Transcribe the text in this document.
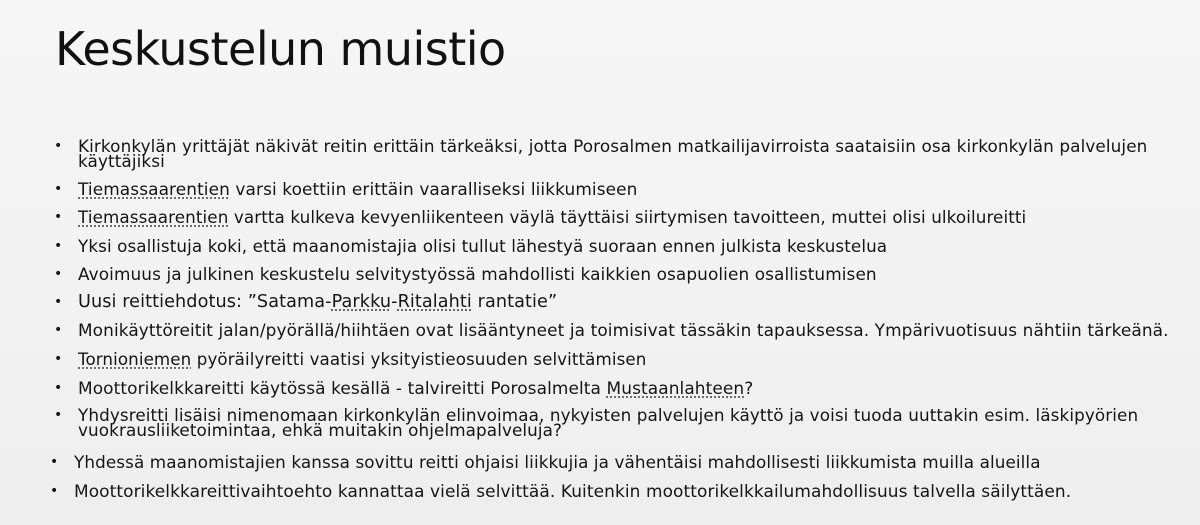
Keskustelun muistio
• Kirkonkylän yrittäjät näkivät reitin erittäin tärkeäksi, jotta Porosalmen matkailijavirroista saataisiin osa kirkonkylän palvelujen
käyttäjiksi
• Tiemassaarentien varsi koettiin erittäin vaaralliseksi liikkumiseen
• Tiemassaarentien vartta kulkeva kevyenliikenteen väylä täyttäisi siirtymisen tavoitteen, muttei olisi ulkoilureitti
• Yksi osallistuja koki, että maanomistajia olisi tullut lähestyä suoraan ennen julkista keskustelua
• Avoimuus ja julkinen keskustelu selvitystyössä mahdollisti kaikkien osapuolien osallistumisen
• Uusi reittiehdotus: ”Satama-Parkku-Ritalahti rantatie”
• Monikäyttöreitit jalan/pyörällä/hiihtäen ovat lisääntyneet ja toimisivat tässäkin tapauksessa. Ympärivuotisuus nähtiin tärkeänä.
• Tornioniemen pyöräilyreitti vaatisi yksityistieosuuden selvittämisen
• Moottorikelkkareitti käytössä kesällä - talvireitti Porosalmelta Mustaanlahteen?
• Yhdysreitti lisäisi nimenomaan kirkonkylän elinvoimaa, nykyisten palvelujen käyttö ja voisi tuoda uuttakin esim. läskipyörien
vuokrausliiketoimintaa, ehkä muitakin ohjelmapalveluja?
• Yhdessä maanomistajien kanssa sovittu reitti ohjaisi liikkujia ja vähentäisi mahdollisesti liikkumista muilla alueilla
• Moottorikelkkareittivaihtoehto kannattaa vielä selvittää. Kuitenkin moottorikelkkailumahdollisuus talvella säilyttäen.
